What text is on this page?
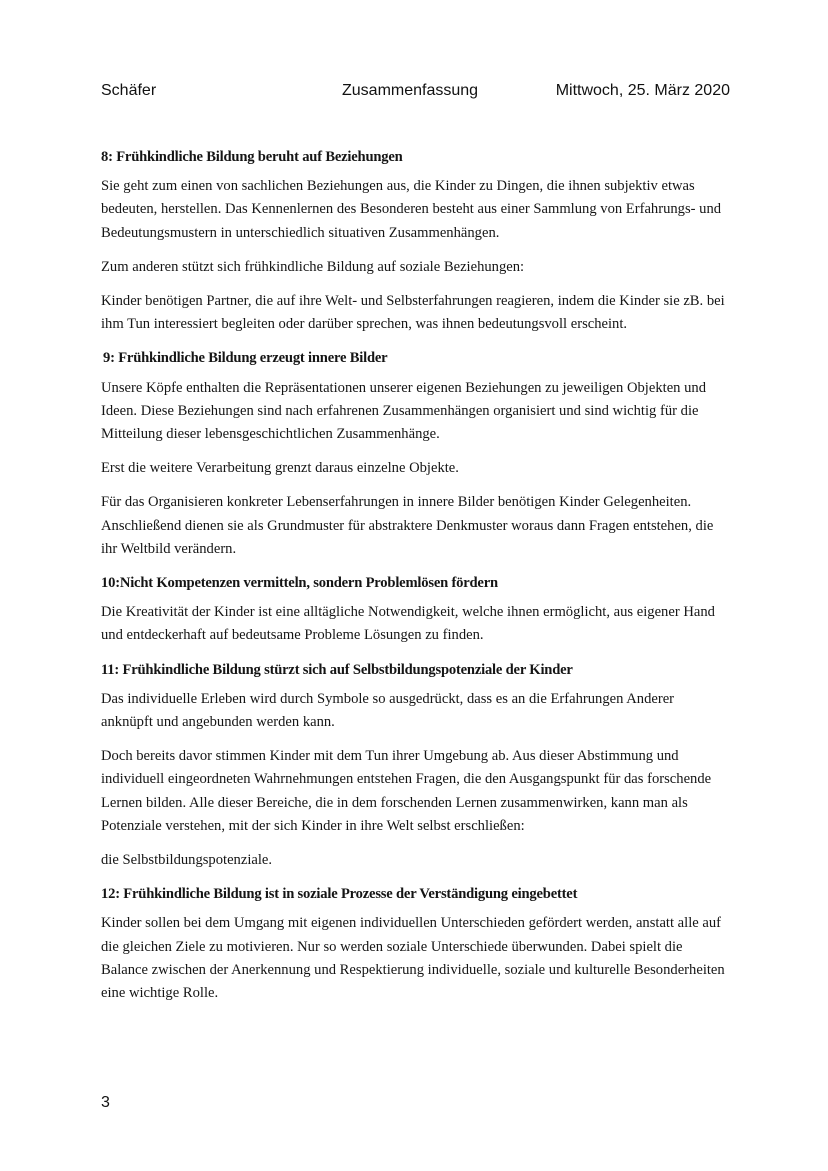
Schäfer	Zusammenfassung	Mittwoch, 25. März 2020
8: Frühkindliche Bildung beruht auf Beziehungen

Sie geht zum einen von sachlichen Beziehungen aus, die Kinder zu Dingen, die ihnen subjektiv etwas bedeuten, herstellen. Das Kennenlernen des Besonderen besteht aus einer Sammlung von Erfahrungs- und Bedeutungsmustern in unterschiedlich situativen Zusammenhängen.

Zum anderen stützt sich frühkindliche Bildung auf soziale Beziehungen:

Kinder benötigen Partner, die auf ihre Welt- und Selbsterfahrungen reagieren, indem die Kinder sie zB. bei ihm Tun interessiert begleiten oder darüber sprechen, was ihnen bedeutungsvoll erscheint.

9: Frühkindliche Bildung erzeugt innere Bilder

Unsere Köpfe enthalten die Repräsentationen unserer eigenen Beziehungen zu jeweiligen Objekten und Ideen. Diese Beziehungen sind nach erfahrenen Zusammenhängen organisiert und sind wichtig für die Mitteilung dieser lebensgeschichtlichen Zusammenhänge.

Erst die weitere Verarbeitung grenzt daraus einzelne Objekte.

Für das Organisieren konkreter Lebenserfahrungen in innere Bilder benötigen Kinder Gelegenheiten. Anschließend dienen sie als Grundmuster für abstraktere Denkmuster woraus dann Fragen entstehen, die ihr Weltbild verändern.

10:Nicht Kompetenzen vermitteln, sondern Problemlösen fördern

Die Kreativität der Kinder ist eine alltägliche Notwendigkeit, welche ihnen ermöglicht, aus eigener Hand und entdeckerhaft auf bedeutsame Probleme Lösungen zu finden.

11: Frühkindliche Bildung stürzt sich auf Selbstbildungspotenziale der Kinder

Das individuelle Erleben wird durch Symbole so ausgedrückt, dass es an die Erfahrungen Anderer anknüpft und angebunden werden kann.

Doch bereits davor stimmen Kinder mit dem Tun ihrer Umgebung ab. Aus dieser Abstimmung und individuell eingeordneten Wahrnehmungen entstehen Fragen, die den Ausgangspunkt für das forschende Lernen bilden. Alle dieser Bereiche, die in dem forschenden Lernen zusammenwirken, kann man als Potenziale verstehen, mit der sich Kinder in ihre Welt selbst erschließen:

die Selbstbildungspotenziale.

12: Frühkindliche Bildung ist in soziale Prozesse der Verständigung eingebettet

Kinder sollen bei dem Umgang mit eigenen individuellen Unterschieden gefördert werden, anstatt alle auf die gleichen Ziele zu motivieren. Nur so werden soziale Unterschiede überwunden. Dabei spielt die Balance zwischen der Anerkennung und Respektierung individuelle, soziale und kulturelle Besonderheiten eine wichtige Rolle.

3
